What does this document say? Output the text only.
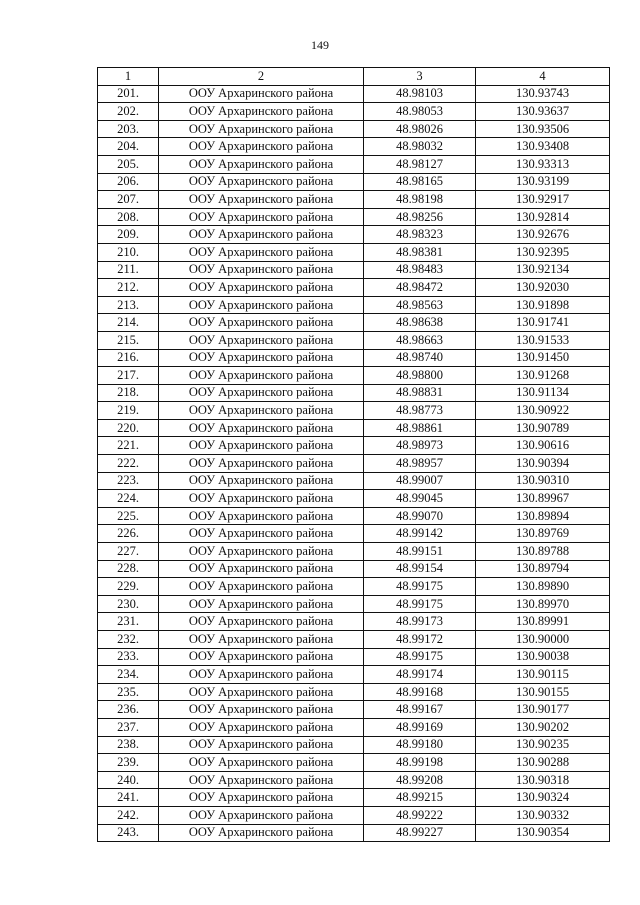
149
1	2	3	4
201.	ООУ Архаринского района	48.98103	130.93743
202.	ООУ Архаринского района	48.98053	130.93637
203.	ООУ Архаринского района	48.98026	130.93506
204.	ООУ Архаринского района	48.98032	130.93408
205.	ООУ Архаринского района	48.98127	130.93313
206.	ООУ Архаринского района	48.98165	130.93199
207.	ООУ Архаринского района	48.98198	130.92917
208.	ООУ Архаринского района	48.98256	130.92814
209.	ООУ Архаринского района	48.98323	130.92676
210.	ООУ Архаринского района	48.98381	130.92395
211.	ООУ Архаринского района	48.98483	130.92134
212.	ООУ Архаринского района	48.98472	130.92030
213.	ООУ Архаринского района	48.98563	130.91898
214.	ООУ Архаринского района	48.98638	130.91741
215.	ООУ Архаринского района	48.98663	130.91533
216.	ООУ Архаринского района	48.98740	130.91450
217.	ООУ Архаринского района	48.98800	130.91268
218.	ООУ Архаринского района	48.98831	130.91134
219.	ООУ Архаринского района	48.98773	130.90922
220.	ООУ Архаринского района	48.98861	130.90789
221.	ООУ Архаринского района	48.98973	130.90616
222.	ООУ Архаринского района	48.98957	130.90394
223.	ООУ Архаринского района	48.99007	130.90310
224.	ООУ Архаринского района	48.99045	130.89967
225.	ООУ Архаринского района	48.99070	130.89894
226.	ООУ Архаринского района	48.99142	130.89769
227.	ООУ Архаринского района	48.99151	130.89788
228.	ООУ Архаринского района	48.99154	130.89794
229.	ООУ Архаринского района	48.99175	130.89890
230.	ООУ Архаринского района	48.99175	130.89970
231.	ООУ Архаринского района	48.99173	130.89991
232.	ООУ Архаринского района	48.99172	130.90000
233.	ООУ Архаринского района	48.99175	130.90038
234.	ООУ Архаринского района	48.99174	130.90115
235.	ООУ Архаринского района	48.99168	130.90155
236.	ООУ Архаринского района	48.99167	130.90177
237.	ООУ Архаринского района	48.99169	130.90202
238.	ООУ Архаринского района	48.99180	130.90235
239.	ООУ Архаринского района	48.99198	130.90288
240.	ООУ Архаринского района	48.99208	130.90318
241.	ООУ Архаринского района	48.99215	130.90324
242.	ООУ Архаринского района	48.99222	130.90332
243.	ООУ Архаринского района	48.99227	130.90354
